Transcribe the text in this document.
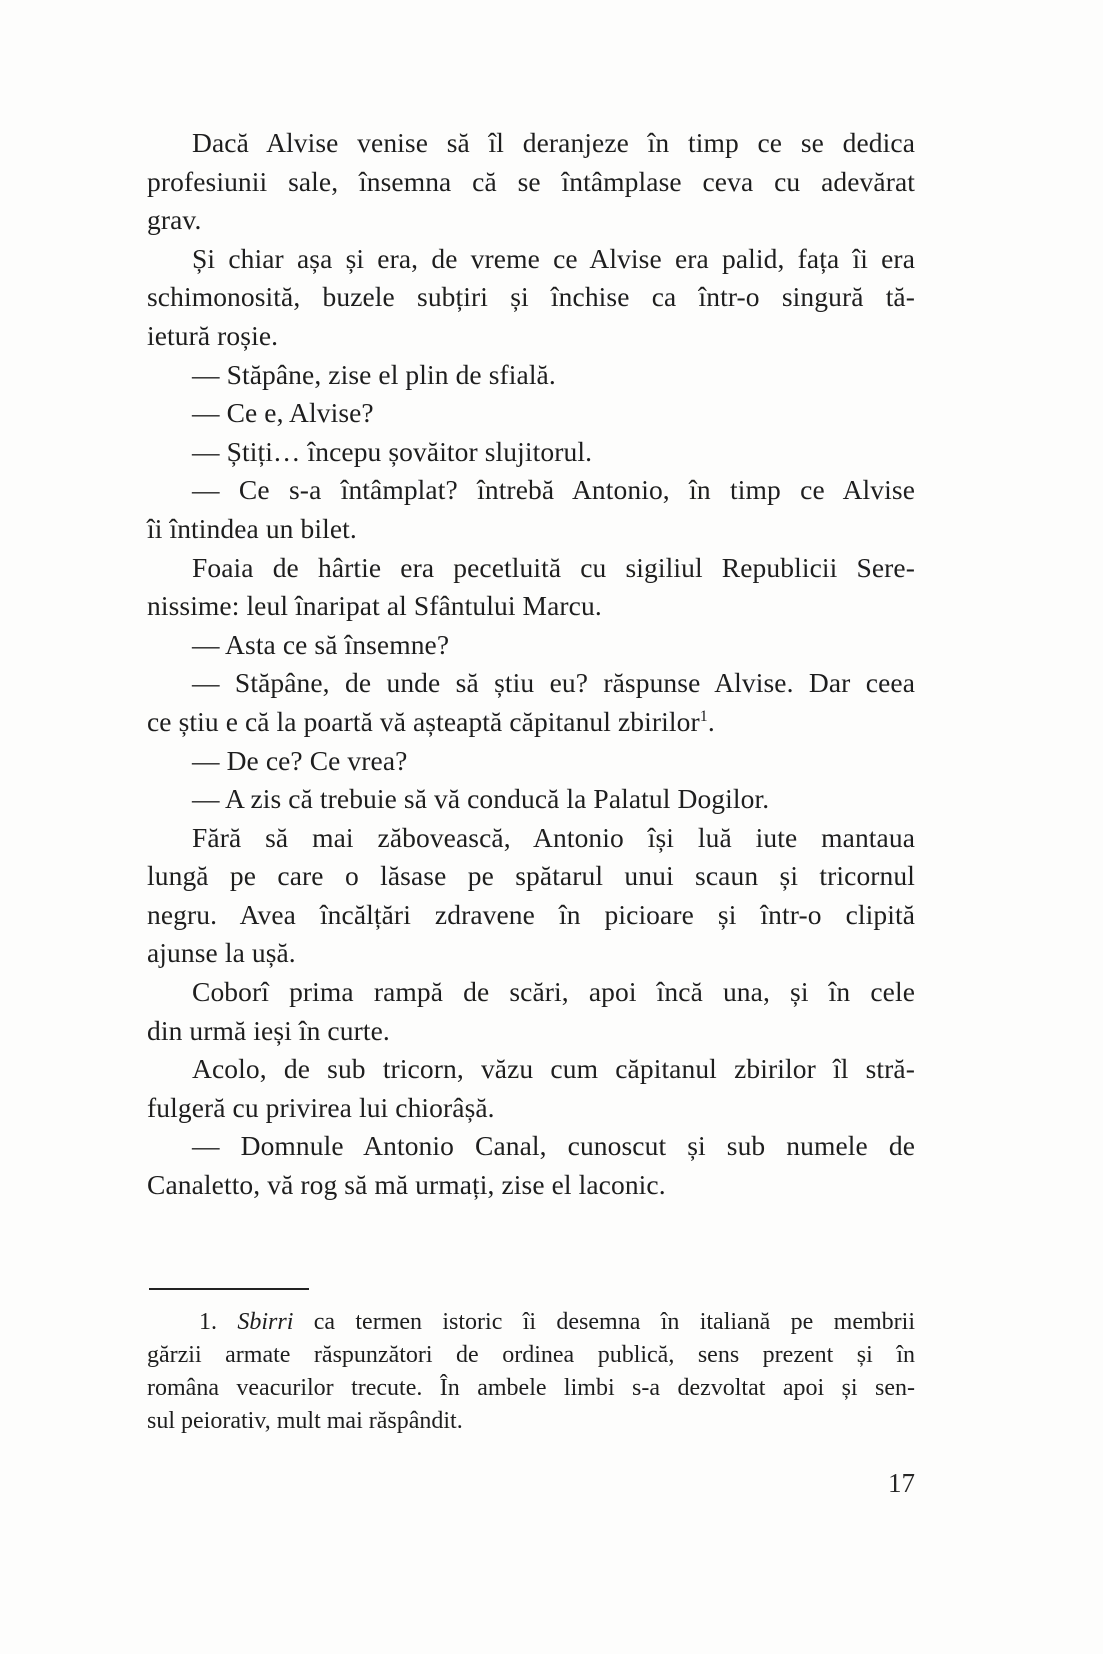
Dacă Alvise venise să îl deranjeze în timp ce se dedica
profesiunii sale, însemna că se întâmplase ceva cu adevărat
grav.
Și chiar așa și era, de vreme ce Alvise era palid, fața îi era
schimonosită, buzele subțiri și închise ca într-o singură tă-
ietură roșie.
— Stăpâne, zise el plin de sfială.
— Ce e, Alvise?
— Știți… începu șovăitor slujitorul.
— Ce s-a întâmplat? întrebă Antonio, în timp ce Alvise
îi întindea un bilet.
Foaia de hârtie era pecetluită cu sigiliul Republicii Sere-
nissime: leul înaripat al Sfântului Marcu.
— Asta ce să însemne?
— Stăpâne, de unde să știu eu? răspunse Alvise. Dar ceea
ce știu e că la poartă vă așteaptă căpitanul zbirilor$^1$.
— De ce? Ce vrea?
— A zis că trebuie să vă conducă la Palatul Dogilor.
Fără să mai zăbovească, Antonio își luă iute mantaua
lungă pe care o lăsase pe spătarul unui scaun și tricornul
negru. Avea încălțări zdravene în picioare și într-o clipită
ajunse la ușă.
Coborî prima rampă de scări, apoi încă una, și în cele
din urmă ieși în curte.
Acolo, de sub tricorn, văzu cum căpitanul zbirilor îl stră-
fulgeră cu privirea lui chiorâșă.
— Domnule Antonio Canal, cunoscut și sub numele de
Canaletto, vă rog să mă urmați, zise el laconic.
1. Sbirri ca termen istoric îi desemna în italiană pe membrii
gărzii armate răspunzători de ordinea publică, sens prezent și în
româna veacurilor trecute. În ambele limbi s-a dezvoltat apoi și sen-
sul peiorativ, mult mai răspândit.
17
